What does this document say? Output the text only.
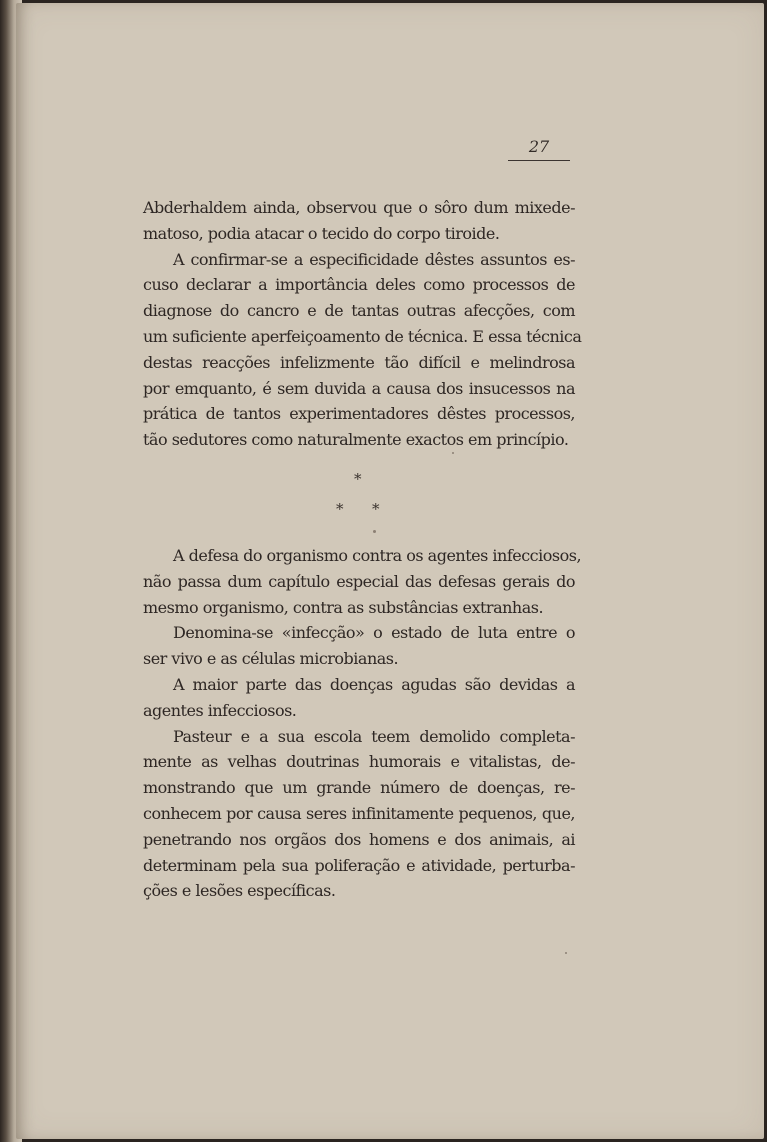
27
Abderhaldem ainda, observou que o sôro dum mixede-
matoso, podia atacar o tecido do corpo tiroide.
A confirmar-se a especificidade dêstes assuntos es-
cuso declarar a importância deles como processos de
diagnose do cancro e de tantas outras afecções, com
um suficiente aperfeiçoamento de técnica. E essa técnica
destas reacções infelizmente tão difícil e melindrosa
por emquanto, é sem duvida a causa dos insucessos na
prática de tantos experimentadores dêstes processos,
tão sedutores como naturalmente exactos em princípio.
*
* *
A defesa do organismo contra os agentes infecciosos,
não passa dum capítulo especial das defesas gerais do
mesmo organismo, contra as substâncias extranhas.
Denomina-se «infecção» o estado de luta entre o
ser vivo e as células microbianas.
A maior parte das doenças agudas são devidas a
agentes infecciosos.
Pasteur e a sua escola teem demolido completa-
mente as velhas doutrinas humorais e vitalistas, de-
monstrando que um grande número de doenças, re-
conhecem por causa seres infinitamente pequenos, que,
penetrando nos orgãos dos homens e dos animais, ai
determinam pela sua poliferação e atividade, perturba-
ções e lesões específicas.
